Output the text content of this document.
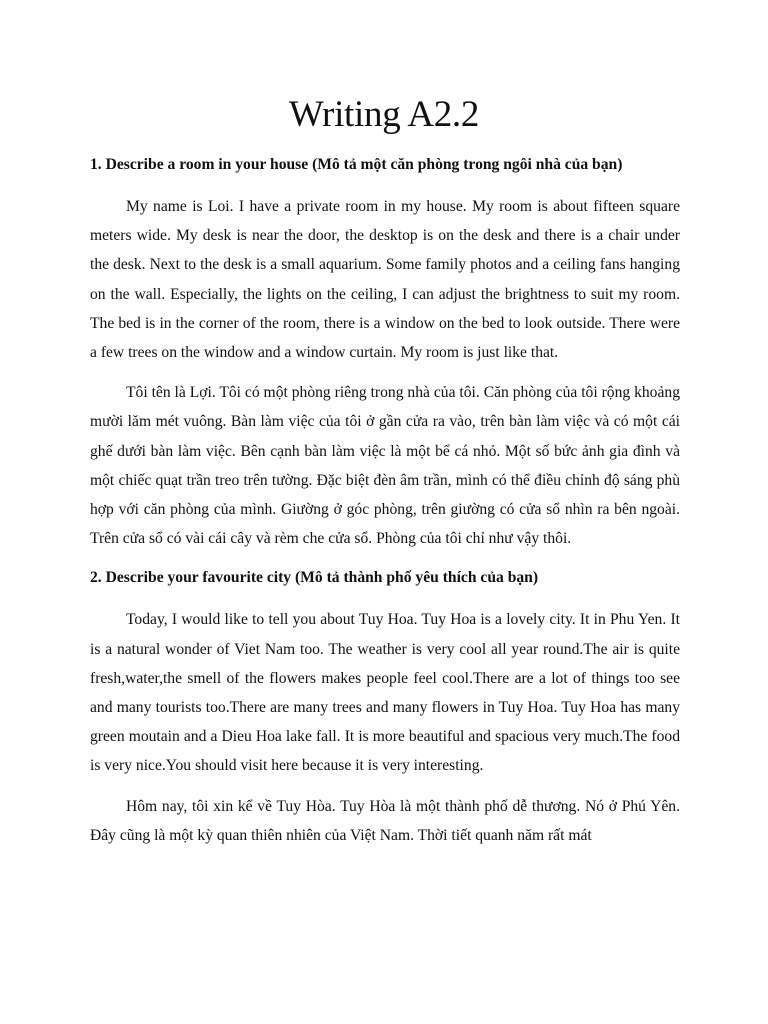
Writing A2.2

1. Describe a room in your house (Mô tả một căn phòng trong ngôi nhà của bạn)

My name is Loi. I have a private room in my house. My room is about fifteen square meters wide. My desk is near the door, the desktop is on the desk and there is a chair under the desk. Next to the desk is a small aquarium. Some family photos and a ceiling fans hanging on the wall. Especially, the lights on the ceiling, I can adjust the brightness to suit my room. The bed is in the corner of the room, there is a window on the bed to look outside. There were a few trees on the window and a window curtain. My room is just like that.

Tôi tên là Lợi. Tôi có một phòng riêng trong nhà của tôi. Căn phòng của tôi rộng khoảng mười lăm mét vuông. Bàn làm việc của tôi ở gần cửa ra vào, trên bàn làm việc và có một cái ghế dưới bàn làm việc. Bên cạnh bàn làm việc là một bể cá nhỏ. Một số bức ảnh gia đình và một chiếc quạt trần treo trên tường. Đặc biệt đèn âm trần, mình có thể điều chỉnh độ sáng phù hợp với căn phòng của mình. Giường ở góc phòng, trên giường có cửa sổ nhìn ra bên ngoài. Trên cửa sổ có vài cái cây và rèm che cửa sổ. Phòng của tôi chỉ như vậy thôi.

2. Describe your favourite city (Mô tả thành phố yêu thích của bạn)

Today, I would like to tell you about Tuy Hoa. Tuy Hoa is a lovely city. It in Phu Yen. It is a natural wonder of Viet Nam too. The weather is very cool all year round.The air is quite fresh,water,the smell of the flowers makes people feel cool.There are a lot of things too see and many tourists too.There are many trees and many flowers in Tuy Hoa. Tuy Hoa has many green moutain and a Dieu Hoa lake fall. It is more beautiful and spacious very much.The food is very nice.You should visit here because it is very interesting.

Hôm nay, tôi xin kể về Tuy Hòa. Tuy Hòa là một thành phố dễ thương. Nó ở Phú Yên. Đây cũng là một kỳ quan thiên nhiên của Việt Nam. Thời tiết quanh năm rất mát
